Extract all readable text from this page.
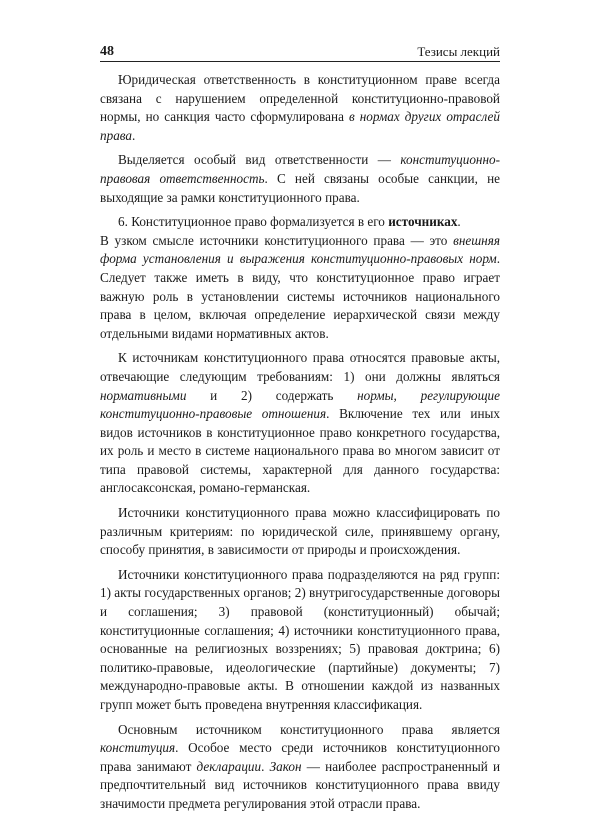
48	Тезисы лекций

Юридическая ответственность в конституционном праве всегда связана с нарушением определенной конституционно-правовой нормы, но санкция часто сформулирована в нормах других отраслей права.

Выделяется особый вид ответственности — конституционно-правовая ответственность. С ней связаны особые санкции, не выходящие за рамки конституционного права.

6. Конституционное право формализуется в его источниках.

В узком смысле источники конституционного права — это внешняя форма установления и выражения конституционно-правовых норм. Следует также иметь в виду, что конституционное право играет важную роль в установлении системы источников национального права в целом, включая определение иерархической связи между отдельными видами нормативных актов.

К источникам конституционного права относятся правовые акты, отвечающие следующим требованиям: 1) они должны являться нормативными и 2) содержать нормы, регулирующие конституционно-правовые отношения. Включение тех или иных видов источников в конституционное право конкретного государства, их роль и место в системе национального права во многом зависит от типа правовой системы, характерной для данного государства: англосаксонская, романо-германская.

Источники конституционного права можно классифицировать по различным критериям: по юридической силе, принявшему органу, способу принятия, в зависимости от природы и происхождения.

Источники конституционного права подразделяются на ряд групп: 1) акты государственных органов; 2) внутригосударственные договоры и соглашения; 3) правовой (конституционный) обычай; конституционные соглашения; 4) источники конституционного права, основанные на религиозных воззрениях; 5) правовая доктрина; 6) политико-правовые, идеологические (партийные) документы; 7) международно-правовые акты. В отношении каждой из названных групп может быть проведена внутренняя классификация.

Основным источником конституционного права является конституция. Особое место среди источников конституционного права занимают декларации. Закон — наиболее распространенный и предпочтительный вид источников конституционного права ввиду значимости предмета регулирования этой отрасли права.
